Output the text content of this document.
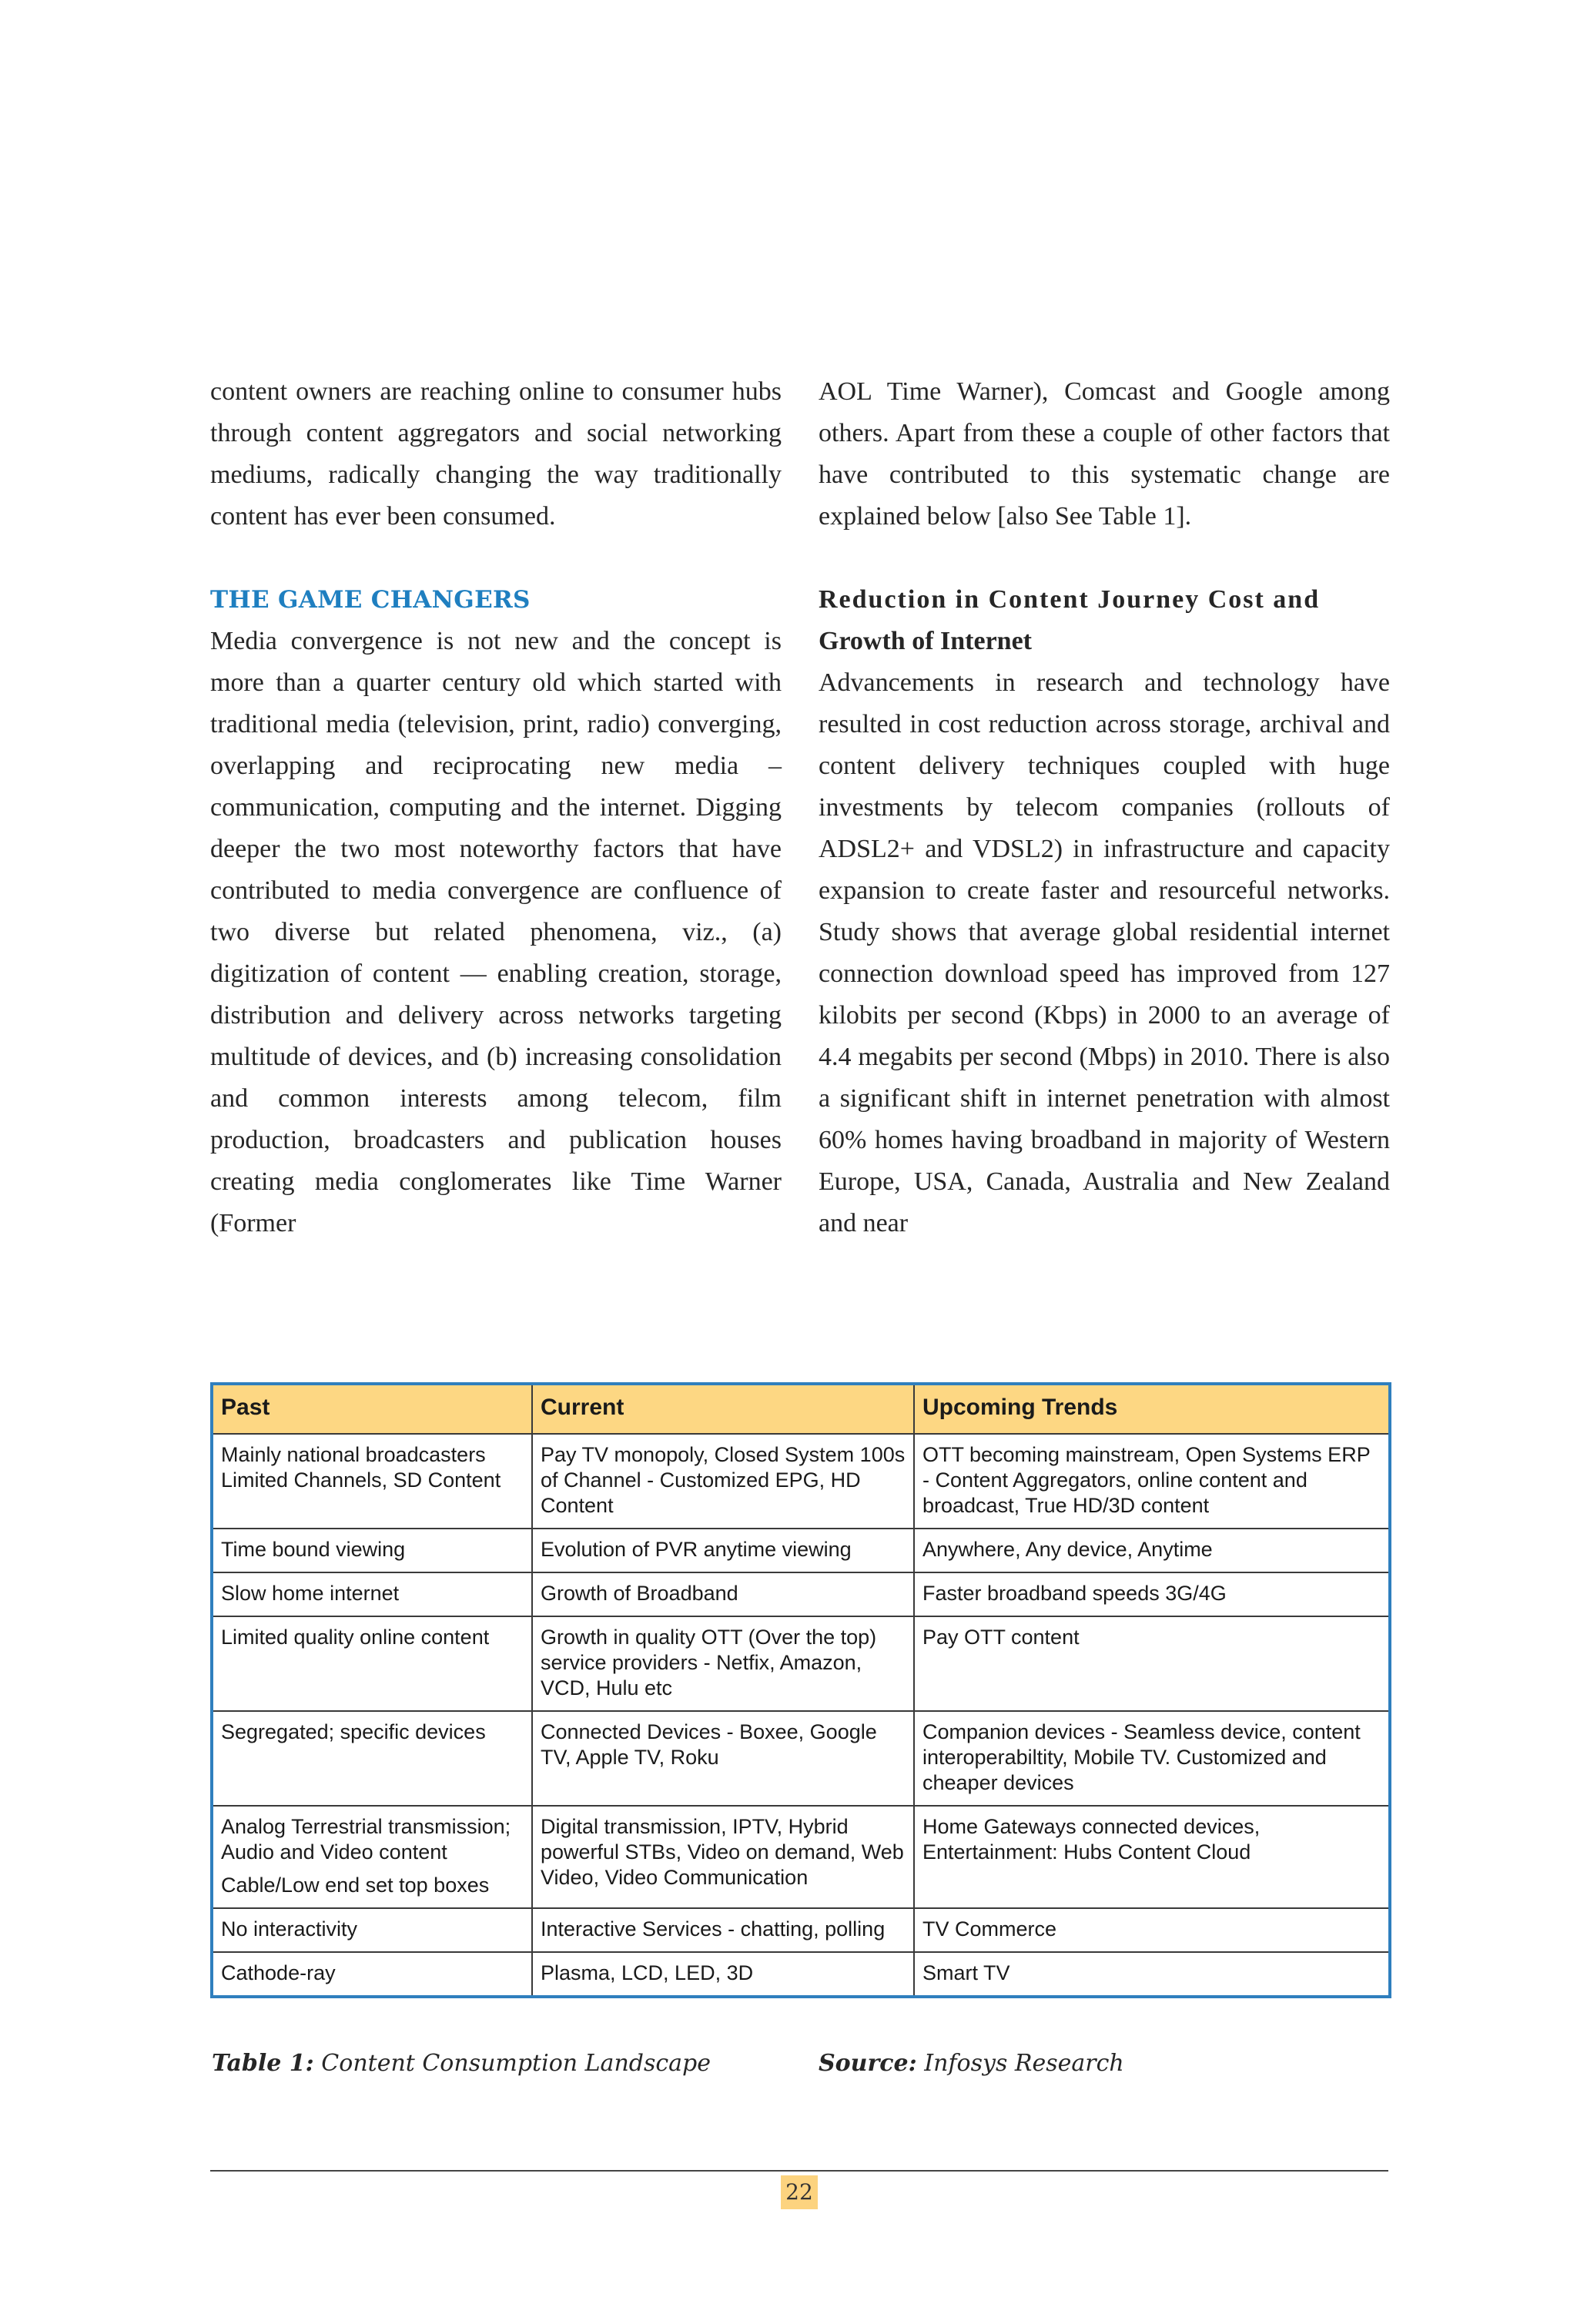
content owners are reaching online to consumer hubs through content aggregators and social networking mediums, radically changing the way traditionally content has ever been consumed.

THE GAME CHANGERS

Media convergence is not new and the concept is more than a quarter century old which started with traditional media (television, print, radio) converging, overlapping and reciprocating new media – communication, computing and the internet. Digging deeper the two most noteworthy factors that have contributed to media convergence are confluence of two diverse but related phenomena, viz., (a) digitization of content — enabling creation, storage, distribution and delivery across networks targeting multitude of devices, and (b) increasing consolidation and common interests among telecom, film production, broadcasters and publication houses creating media conglomerates like Time Warner (Former

AOL Time Warner), Comcast and Google among others. Apart from these a couple of other factors that have contributed to this systematic change are explained below [also See Table 1].

Reduction in Content Journey Cost and
Growth of Internet

Advancements in research and technology have resulted in cost reduction across storage, archival and content delivery techniques coupled with huge investments by telecom companies (rollouts of ADSL2+ and VDSL2) in infrastructure and capacity expansion to create faster and resourceful networks. Study shows that average global residential internet connection download speed has improved from 127 kilobits per second (Kbps) in 2000 to an average of 4.4 megabits per second (Mbps) in 2010. There is also a significant shift in internet penetration with almost 60% homes having broadband in majority of Western Europe, USA, Canada, Australia and New Zealand and near

Past	Current	Upcoming Trends
Mainly national broadcasters Limited Channels, SD Content	Pay TV monopoly, Closed System 100s of Channel - Customized EPG, HD Content	OTT becoming mainstream, Open Systems ERP - Content Aggregators, online content and broadcast, True HD/3D content
Time bound viewing	Evolution of PVR anytime viewing	Anywhere, Any device, Anytime
Slow home internet	Growth of Broadband	Faster broadband speeds 3G/4G
Limited quality online content	Growth in quality OTT (Over the top) service providers - Netfix, Amazon, VCD, Hulu etc	Pay OTT content
Segregated; specific devices	Connected Devices - Boxee, Google TV, Apple TV, Roku	Companion devices - Seamless device, content interoperabiltity, Mobile TV. Customized and cheaper devices

Analog Terrestrial transmission; Audio and Video content
Cable/Low end set top boxes	Digital transmission, IPTV, Hybrid powerful STBs, Video on demand, Web Video, Video Communication	Home Gateways connected devices, Entertainment: Hubs Content Cloud
No interactivity	Interactive Services - chatting, polling	TV Commerce
Cathode-ray	Plasma, LCD, LED, 3D	Smart TV
Table 1: Content Consumption Landscape	Source: Infosys Research
22
